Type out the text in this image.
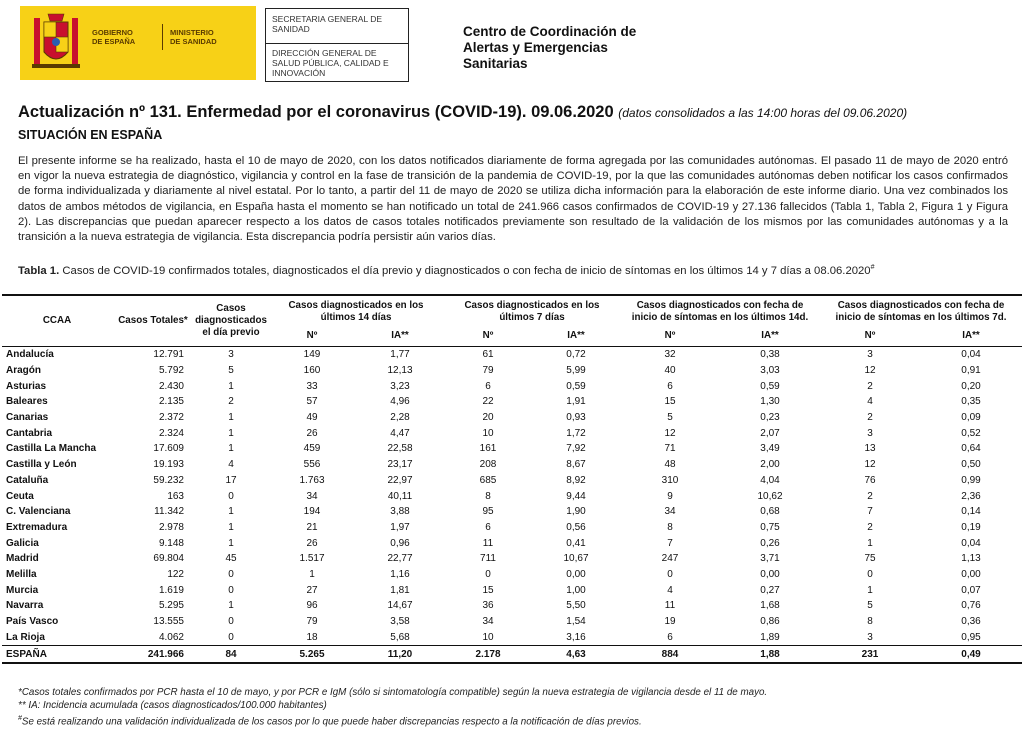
GOBIERNO
DE ESPAÑA
MINISTERIO
DE SANIDAD
SECRETARIA GENERAL DE SANIDAD
DIRECCIÓN GENERAL DE SALUD PÚBLICA, CALIDAD E INNOVACIÓN
Centro de Coordinación de
Alertas y Emergencias
Sanitarias
Actualización nº 131. Enfermedad por el coronavirus (COVID-19). 09.06.2020 (datos consolidados a las 14:00 horas del 09.06.2020)
SITUACIÓN EN ESPAÑA
El presente informe se ha realizado, hasta el 10 de mayo de 2020, con los datos notificados diariamente de forma agregada por las comunidades autónomas. El pasado 11 de mayo de 2020 entró en vigor la nueva estrategia de diagnóstico, vigilancia y control en la fase de transición de la pandemia de COVID-19, por la que las comunidades autónomas deben notificar los casos confirmados de forma individualizada y diariamente al nivel estatal. Por lo tanto, a partir del 11 de mayo de 2020 se utiliza dicha información para la elaboración de este informe diario. Una vez combinados los datos de ambos métodos de vigilancia, en España hasta el momento se han notificado un total de 241.966 casos confirmados de COVID-19 y 27.136 fallecidos (Tabla 1, Tabla 2, Figura 1 y Figura 2). Las discrepancias que puedan aparecer respecto a los datos de casos totales notificados previamente son resultado de la validación de los mismos por las comunidades autónomas y a la transición a la nueva estrategia de vigilancia. Esta discrepancia podría persistir aún varios días.
Tabla 1. Casos de COVID-19 confirmados totales, diagnosticados el día previo y diagnosticados o con fecha de inicio de síntomas en los últimos 14 y 7 días a 08.06.2020#
CCAA	Casos Totales*	Casos diagnosticados el día previo	Casos diagnosticados en los últimos 14 días		Casos diagnosticados en los últimos 7 días		Casos diagnosticados con fecha de inicio de síntomas en los últimos 14d.		Casos diagnosticados con fecha de inicio de síntomas en los últimos 7d.	
			Nº	IA**	Nº	IA**	Nº	IA**	Nº	IA**
Andalucía	12.791	3	149	1,77	61	0,72	32	0,38	3	0,04
Aragón	5.792	5	160	12,13	79	5,99	40	3,03	12	0,91
Asturias	2.430	1	33	3,23	6	0,59	6	0,59	2	0,20
Baleares	2.135	2	57	4,96	22	1,91	15	1,30	4	0,35
Canarias	2.372	1	49	2,28	20	0,93	5	0,23	2	0,09
Cantabria	2.324	1	26	4,47	10	1,72	12	2,07	3	0,52
Castilla La Mancha	17.609	1	459	22,58	161	7,92	71	3,49	13	0,64
Castilla y León	19.193	4	556	23,17	208	8,67	48	2,00	12	0,50
Cataluña	59.232	17	1.763	22,97	685	8,92	310	4,04	76	0,99
Ceuta	163	0	34	40,11	8	9,44	9	10,62	2	2,36
C. Valenciana	11.342	1	194	3,88	95	1,90	34	0,68	7	0,14
Extremadura	2.978	1	21	1,97	6	0,56	8	0,75	2	0,19
Galicia	9.148	1	26	0,96	11	0,41	7	0,26	1	0,04
Madrid	69.804	45	1.517	22,77	711	10,67	247	3,71	75	1,13
Melilla	122	0	1	1,16	0	0,00	0	0,00	0	0,00
Murcia	1.619	0	27	1,81	15	1,00	4	0,27	1	0,07
Navarra	5.295	1	96	14,67	36	5,50	11	1,68	5	0,76
País Vasco	13.555	0	79	3,58	34	1,54	19	0,86	8	0,36
La Rioja	4.062	0	18	5,68	10	3,16	6	1,89	3	0,95
ESPAÑA	241.966	84	5.265	11,20	2.178	4,63	884	1,88	231	0,49
*Casos totales confirmados por PCR hasta el 10 de mayo, y por PCR e IgM (sólo si sintomatología compatible) según la nueva estrategia de vigilancia desde el 11 de mayo.
** IA: Incidencia acumulada (casos diagnosticados/100.000 habitantes)
#Se está realizando una validación individualizada de los casos por lo que puede haber discrepancias respecto a la notificación de días previos.
